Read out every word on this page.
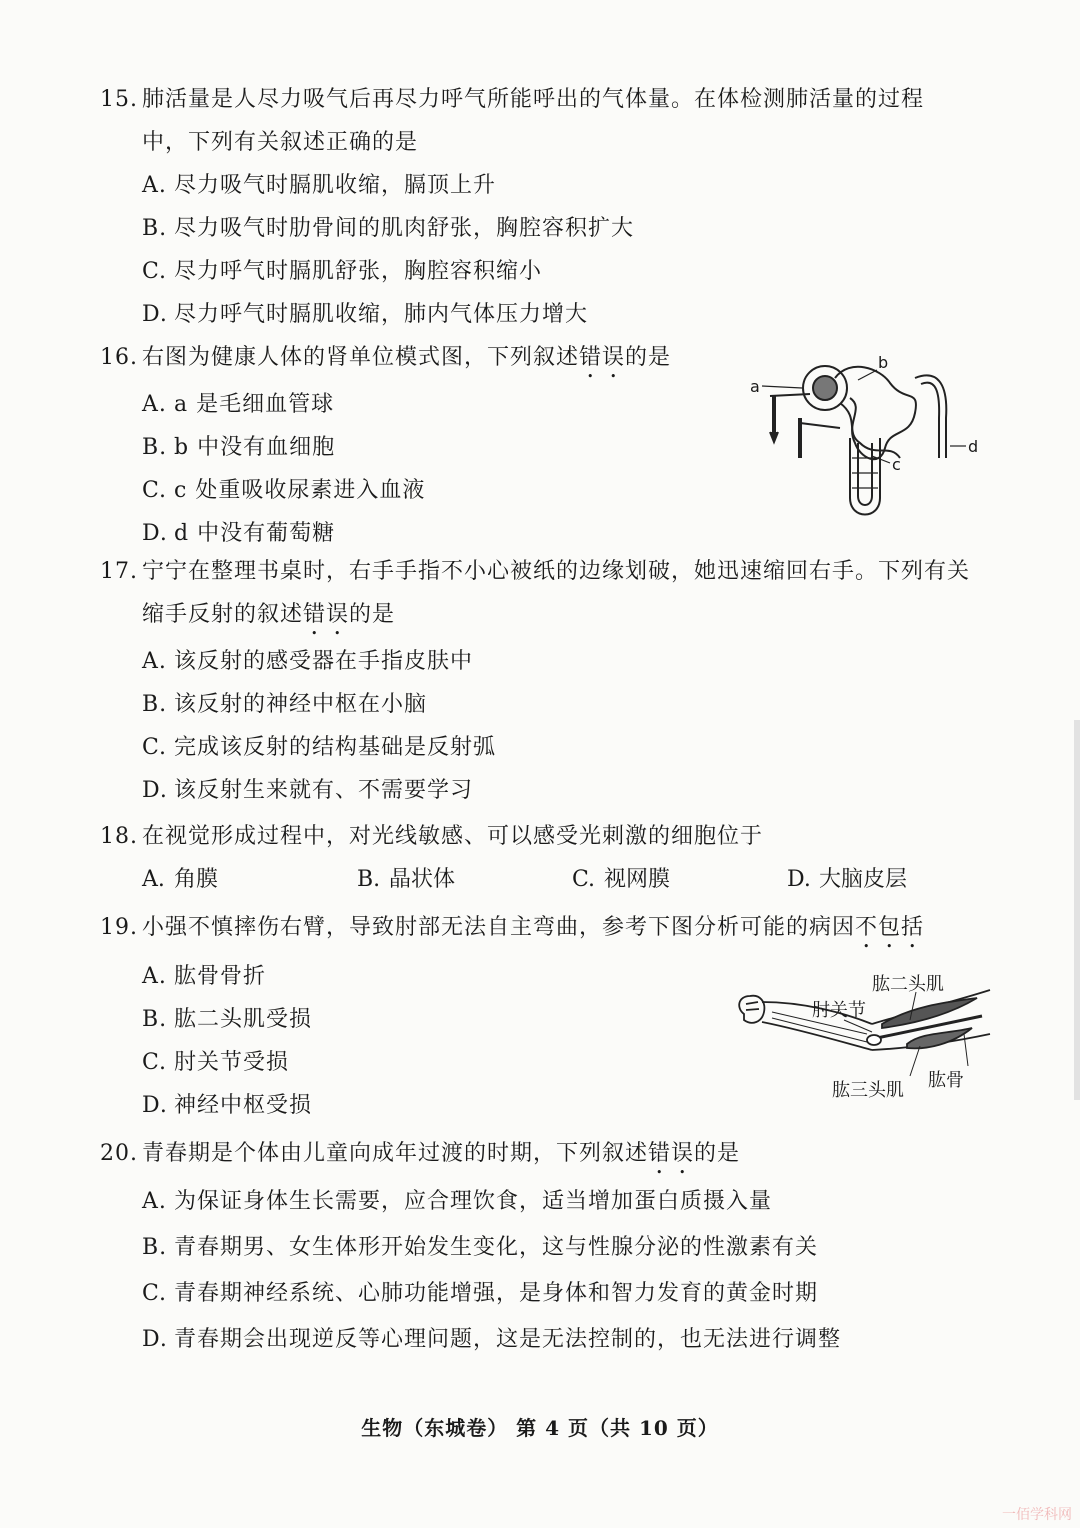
15. 肺活量是人尽力吸气后再尽力呼气所能呼出的气体量。在体检测肺活量的过程
中，下列有关叙述正确的是
A. 尽力吸气时膈肌收缩，膈顶上升
B. 尽力吸气时肋骨间的肌肉舒张，胸腔容积扩大
C. 尽力呼气时膈肌舒张，胸腔容积缩小
D. 尽力呼气时膈肌收缩，肺内气体压力增大
16. 右图为健康人体的肾单位模式图，下列叙述错误的是
A. a 是毛细血管球
B. b 中没有血细胞
C. c 处重吸收尿素进入血液
D. d 中没有葡萄糖
a
b
c
d
17. 宁宁在整理书桌时，右手手指不小心被纸的边缘划破，她迅速缩回右手。下列有关
缩手反射的叙述错误的是
A. 该反射的感受器在手指皮肤中
B. 该反射的神经中枢在小脑
C. 完成该反射的结构基础是反射弧
D. 该反射生来就有、不需要学习
18. 在视觉形成过程中，对光线敏感、可以感受光刺激的细胞位于
A. 角膜	B. 晶状体	C. 视网膜	D. 大脑皮层
19. 小强不慎摔伤右臂，导致肘部无法自主弯曲，参考下图分析可能的病因不包括
A. 肱骨骨折
B. 肱二头肌受损
C. 肘关节受损
D. 神经中枢受损
肱二头肌
肘关节
肱三头肌 肱骨
20. 青春期是个体由儿童向成年过渡的时期，下列叙述错误的是
A. 为保证身体生长需要，应合理饮食，适当增加蛋白质摄入量
B. 青春期男、女生体形开始发生变化，这与性腺分泌的性激素有关
C. 青春期神经系统、心肺功能增强，是身体和智力发育的黄金时期
D. 青春期会出现逆反等心理问题，这是无法控制的，也无法进行调整
生物（东城卷） 第 4 页（共 10 页）
一佰学科网
